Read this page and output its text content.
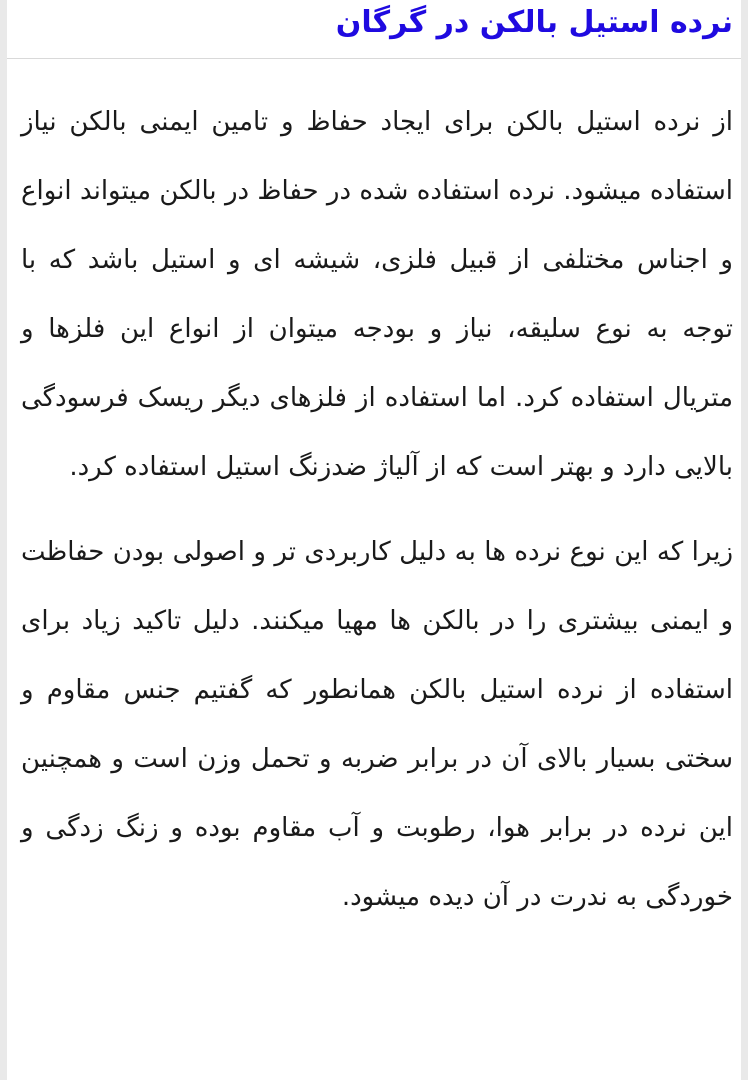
نرده استیل بالکن در گرگان

از نرده استیل بالکن برای ایجاد حفاظ و تامین ایمنی بالکن نیاز استفاده میشود. نرده استفاده شده در حفاظ در بالکن میتواند انواع و اجناس مختلفی از قبیل فلزی، شیشه ای و استیل باشد که با توجه به نوع سلیقه، نیاز و بودجه میتوان از انواع این فلزها و متریال استفاده کرد. اما استفاده از فلزهای دیگر ریسک فرسودگی بالایی دارد و بهتر است که از آلیاژ ضدزنگ استیل استفاده کرد.

زیرا که این نوع نرده ها به دلیل کاربردی تر و اصولی بودن حفاظت و ایمنی بیشتری را در بالکن ها مهیا میکنند. دلیل تاکید زیاد برای استفاده از نرده استیل بالکن همانطور که گفتیم جنس مقاوم و سختی بسیار بالای آن در برابر ضربه و تحمل وزن است و همچنین این نرده در برابر هوا، رطوبت و آب مقاوم بوده و زنگ زدگی و خوردگی به ندرت در آن دیده میشود.
